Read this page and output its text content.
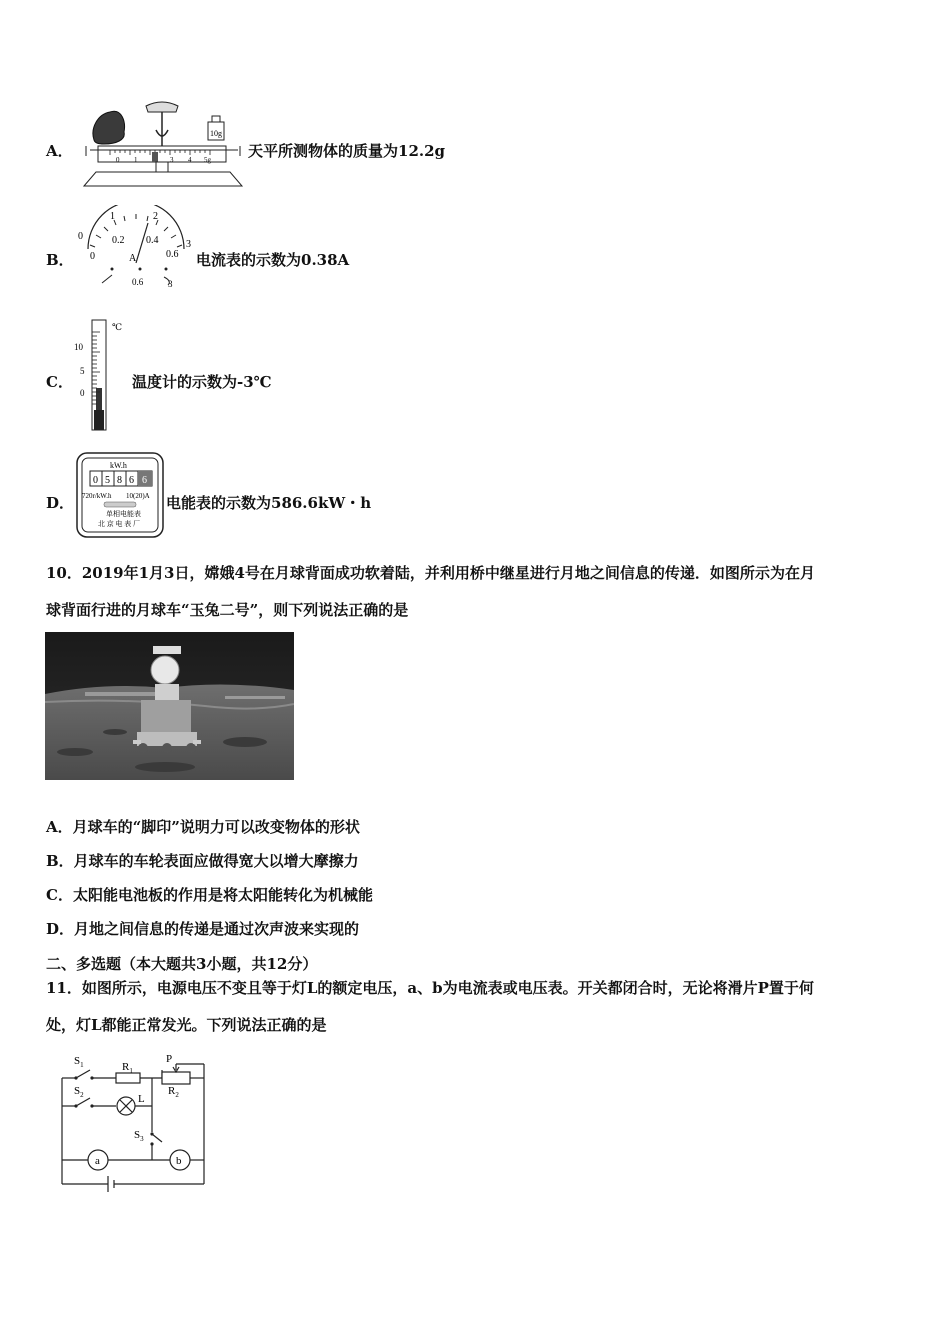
A．
10g
0 1	3 4 5g 天平所测物体的质量为12.2g
B．
0
1	2
3
0
0.2 0.4
0.6
A
0.6	3
电流表的示数为0.38A
C．
10
5
0
℃
温度计的示数为-3℃
D．
kW.h
0 5 8 6 6
720r/kW.h 10(20)A
单相电能表
北 京 电 表 厂
电能表的示数为586.6kW・h
10．2019年1月3日，嫦娥4号在月球背面成功软着陆，并利用桥中继星进行月地之间信息的传递．如图所示为在月
球背面行进的月球车“玉兔二号”，则下列说法正确的是
A．月球车的“脚印”说明力可以改变物体的形状
B．月球车的车轮表面应做得宽大以增大摩擦力
C．太阳能电池板的作用是将太阳能转化为机械能
D．月地之间信息的传递是通过次声波来实现的
二、多选题（本大题共3小题，共12分）
11．如图所示，电源电压不变且等于灯L的额定电压，a、b为电流表或电压表。开关都闭合时，无论将滑片P置于何
处，灯L都能正常发光。下列说法正确的是
$S_1$
$S_2$
$S_3$
$R_1$
$R_2$
P
L
a	b
